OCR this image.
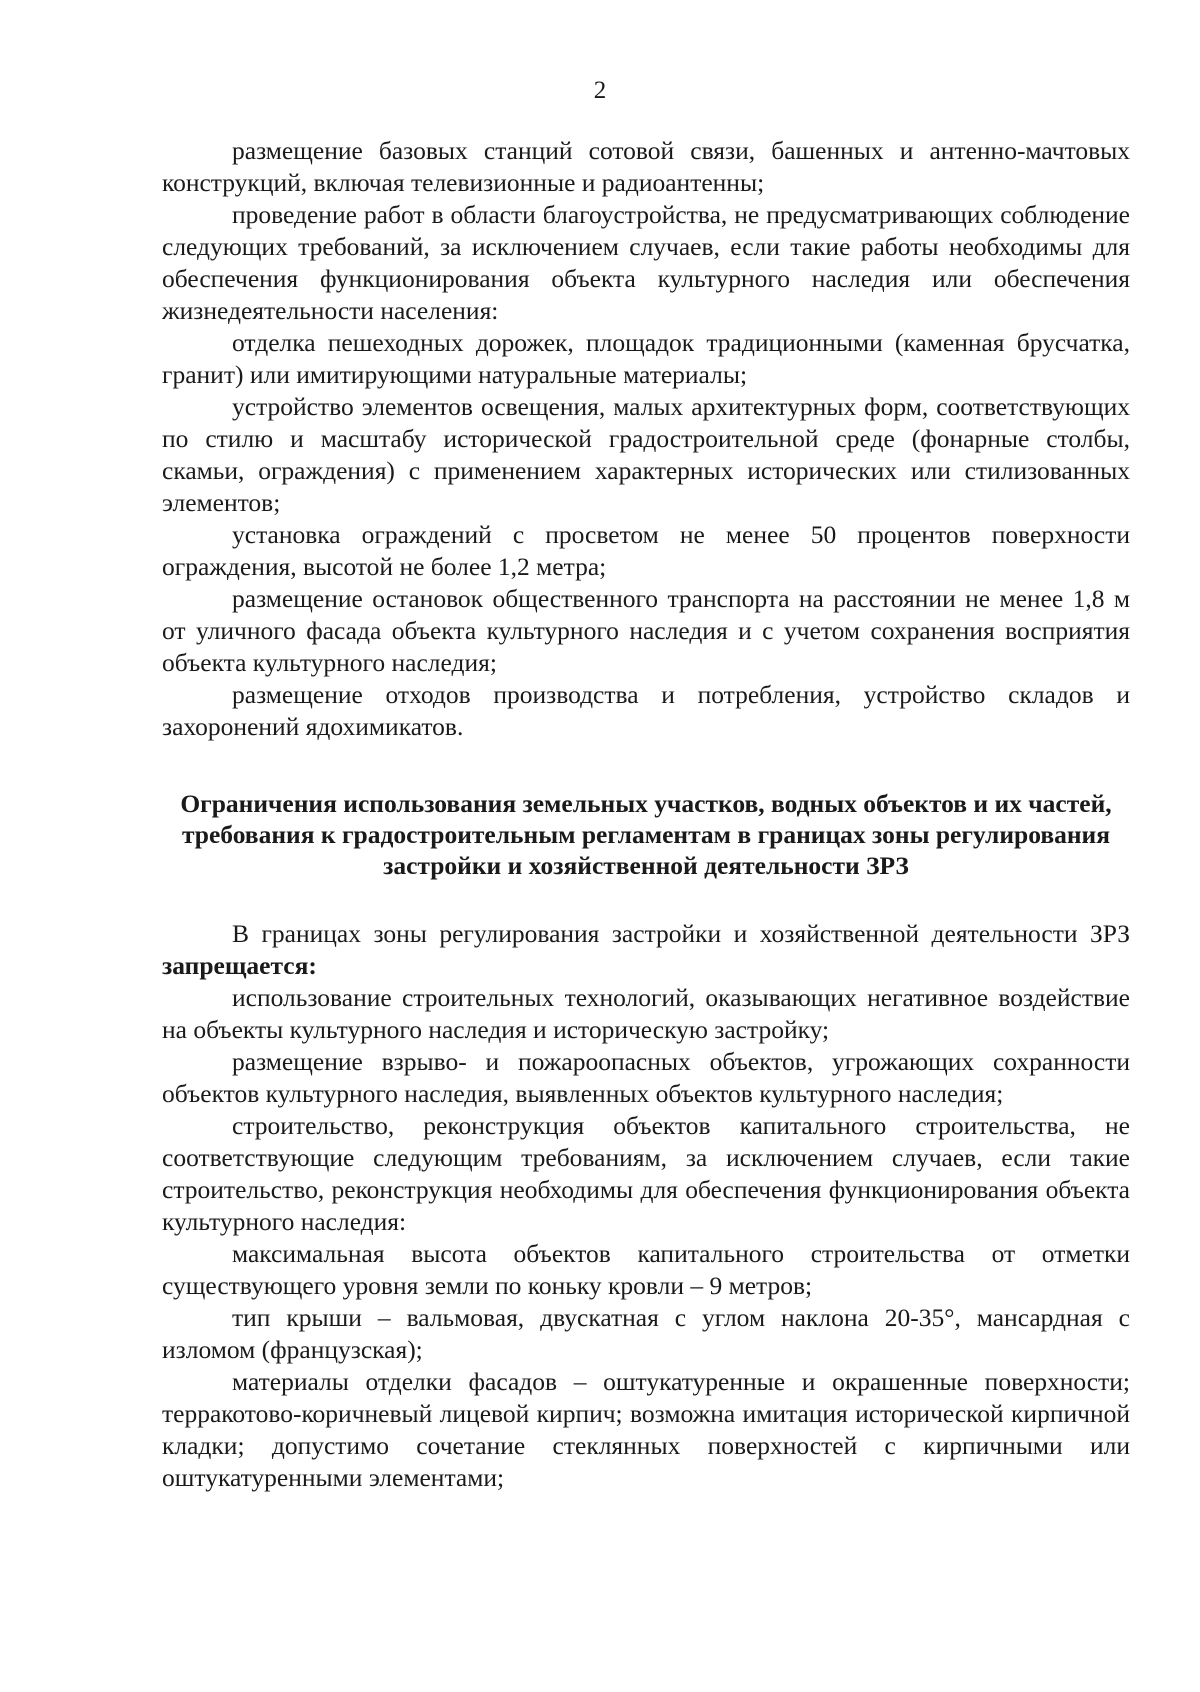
2

размещение базовых станций сотовой связи, башенных и антенно-мачтовых конструкций, включая телевизионные и радиоантенны;

проведение работ в области благоустройства, не предусматривающих соблюдение следующих требований, за исключением случаев, если такие работы необходимы для обеспечения функционирования объекта культурного наследия или обеспечения жизнедеятельности населения:

отделка пешеходных дорожек, площадок традиционными (каменная брусчатка, гранит) или имитирующими натуральные материалы;

устройство элементов освещения, малых архитектурных форм, соответствующих по стилю и масштабу исторической градостроительной среде (фонарные столбы, скамьи, ограждения) с применением характерных исторических или стилизованных элементов;

установка ограждений с просветом не менее 50 процентов поверхности ограждения, высотой не более 1,2 метра;

размещение остановок общественного транспорта на расстоянии не менее 1,8 м от уличного фасада объекта культурного наследия и с учетом сохранения восприятия объекта культурного наследия;

размещение отходов производства и потребления, устройство складов и захоронений ядохимикатов.

Ограничения использования земельных участков, водных объектов и их частей, требования к градостроительным регламентам в границах зоны регулирования застройки и хозяйственной деятельности ЗРЗ

В границах зоны регулирования застройки и хозяйственной деятельности ЗРЗ запрещается:

использование строительных технологий, оказывающих негативное воздействие на объекты культурного наследия и историческую застройку;

размещение взрыво- и пожароопасных объектов, угрожающих сохранности объектов культурного наследия, выявленных объектов культурного наследия;

строительство, реконструкция объектов капитального строительства, не соответствующие следующим требованиям, за исключением случаев, если такие строительство, реконструкция необходимы для обеспечения функционирования объекта культурного наследия:

максимальная высота объектов капитального строительства от отметки существующего уровня земли по коньку кровли – 9 метров;

тип крыши – вальмовая, двускатная с углом наклона 20-35°, мансардная с изломом (французская);

материалы отделки фасадов – оштукатуренные и окрашенные поверхности; терракотово-коричневый лицевой кирпич; возможна имитация исторической кирпичной кладки; допустимо сочетание стеклянных поверхностей с кирпичными или оштукатуренными элементами;
